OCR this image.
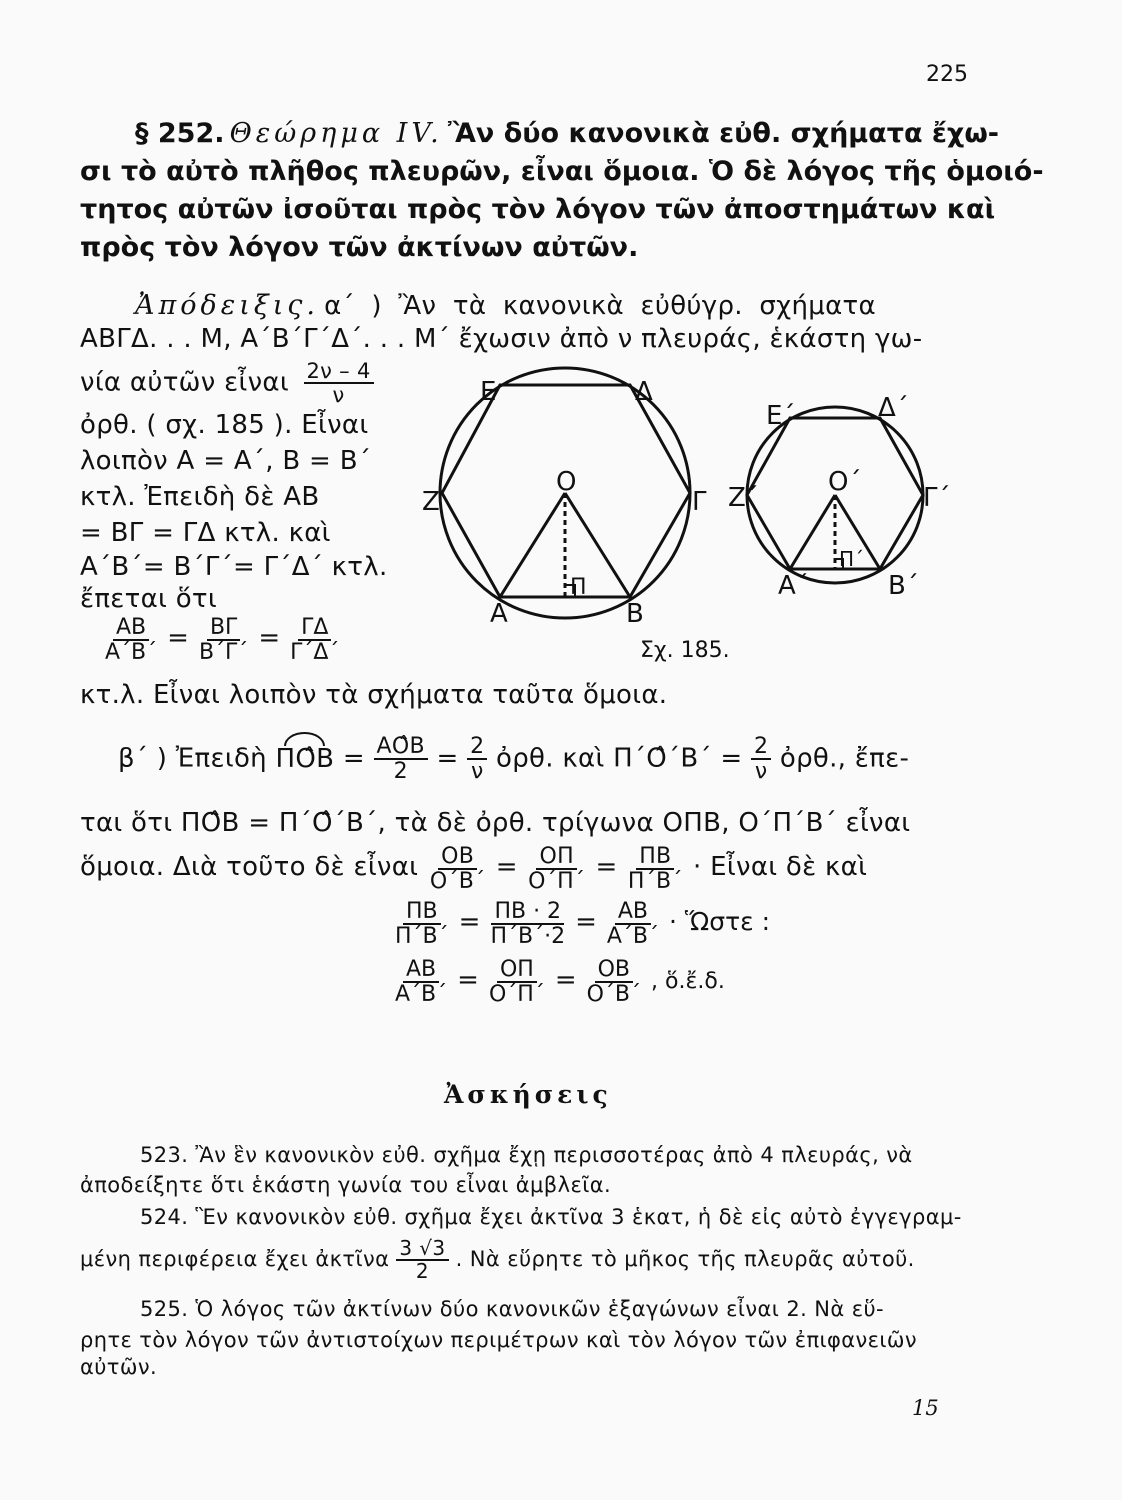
225
§ 252. Θεώρημα IV. Ἂν δύο κανονικὰ εὐθ. σχήματα ἔχω-
σι τὸ αὐτὸ πλῆθος πλευρῶν, εἶναι ὅμοια. Ὁ δὲ λόγος τῆς ὁμοιό-
τητος αὐτῶν ἰσοῦται πρὸς τὸν λόγον τῶν ἀποστημάτων καὶ
πρὸς τὸν λόγον τῶν ἀκτίνων αὐτῶν.
Ἀπόδειξις. α΄ ) Ἂν τὰ κανονικὰ εὐθύγρ. σχήματα
ΑΒΓΔ. . . Μ, Α΄Β΄Γ΄Δ΄. . . Μ΄ ἔχωσιν ἀπὸ ν πλευράς, ἑκάστη γω-
νία αὐτῶν εἶναι $\frac{2\nu - 4}{\nu}$
ὀρθ. ( σχ. 185 ). Εἶναι
λοιπὸν Α = Α΄, Β = Β΄
κτλ. Ἐπειδὴ δὲ ΑΒ
= ΒΓ = ΓΔ κτλ. καὶ
Α΄Β΄= Β΄Γ΄= Γ΄Δ΄ κτλ.
ἔπεται ὅτι
$\frac{AB}{A΄B΄} = \frac{B\Gamma}{B΄\Gamma΄} = \frac{\Gamma\Delta}{\Gamma΄\Delta΄}$
κτ.λ. Εἶναι λοιπὸν τὰ σχήματα ταῦτα ὅμοια.
Ε	Δ
Ζ	Γ
Ο
Α	Β
Π
Ε΄	Δ΄
Ζ΄	Γ΄
Ο΄
Α΄	Β΄
Π΄
Σχ. 185.
β΄ ) Ἐπειδὴ ΠΟ̂Β = $\frac{AÔB}{2} = \frac{2}{\nu}$ ὀρθ. καὶ Π΄Ο̂΄Β΄ = $\frac{2}{\nu}$ ὀρθ., ἔπε-
ται ὅτι ΠΟ̂Β = Π΄Ο̂΄Β΄, τὰ δὲ ὀρθ. τρίγωνα ΟΠΒ, Ο΄Π΄Β΄ εἶναι
ὅμοια. Διὰ τοῦτο δὲ εἶναι $\frac{OB}{O΄B΄} = \frac{O\Pi}{O΄\Pi΄} = \frac{\Pi B}{\Pi΄B΄}$ · Εἶναι δὲ καὶ
$\frac{\Pi B}{\Pi΄B΄} = \frac{\Pi B \cdot 2}{\Pi΄B΄\cdot 2} = \frac{AB}{A΄B΄}$ · Ὥστε :
$\frac{AB}{A΄B΄} = \frac{O\Pi}{O΄\Pi΄} = \frac{OB}{O΄B΄}$ , ὅ.ἔ.δ.
Ἀσκήσεις
523. Ἂν ἓν κανονικὸν εὐθ. σχῆμα ἔχῃ περισσοτέρας ἀπὸ 4 πλευράς, νὰ
ἀποδείξητε ὅτι ἑκάστη γωνία του εἶναι ἀμβλεῖα.
524. Ἓν κανονικὸν εὐθ. σχῆμα ἔχει ἀκτῖνα 3 ἑκατ, ἡ δὲ εἰς αὐτὸ ἐγγεγραμ-
μένη περιφέρεια ἔχει ἀκτῖνα $\frac{3 √3}{2}$ . Νὰ εὕρητε τὸ μῆκος τῆς πλευρᾶς αὐτοῦ.
525. Ὁ λόγος τῶν ἀκτίνων δύο κανονικῶν ἑξαγώνων εἶναι 2. Νὰ εὕ-
ρητε τὸν λόγον τῶν ἀντιστοίχων περιμέτρων καὶ τὸν λόγον τῶν ἐπιφανειῶν
αὐτῶν.
15
